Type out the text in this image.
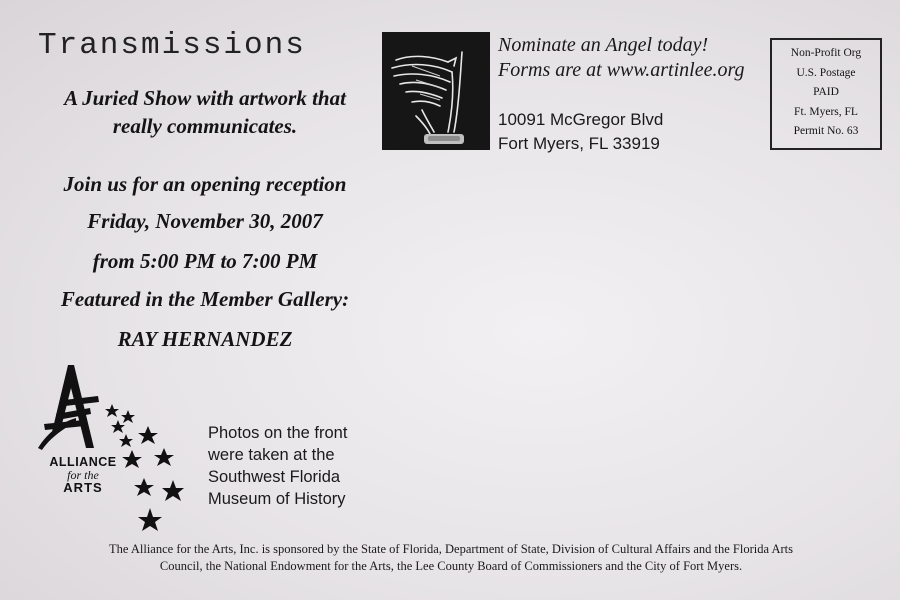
Transmissions
A Juried Show with artwork that
really communicates.
Join us for an opening reception
Friday, November 30, 2007
from 5:00 PM to 7:00 PM
Featured in the Member Gallery:
RAY HERNANDEZ
Nominate an Angel today!
Forms are at www.artinlee.org
10091 McGregor Blvd
Fort Myers, FL 33919
Non-Profit Org
U.S. Postage
PAID
Ft. Myers, FL
Permit No. 63
ALLIANCE
for the
ARTS
Photos on the front
were taken at the
Southwest Florida
Museum of History
The Alliance for the Arts, Inc. is sponsored by the State of Florida, Department of State, Division of Cultural Affairs and the Florida Arts
Council, the National Endowment for the Arts, the Lee County Board of Commissioners and the City of Fort Myers.
